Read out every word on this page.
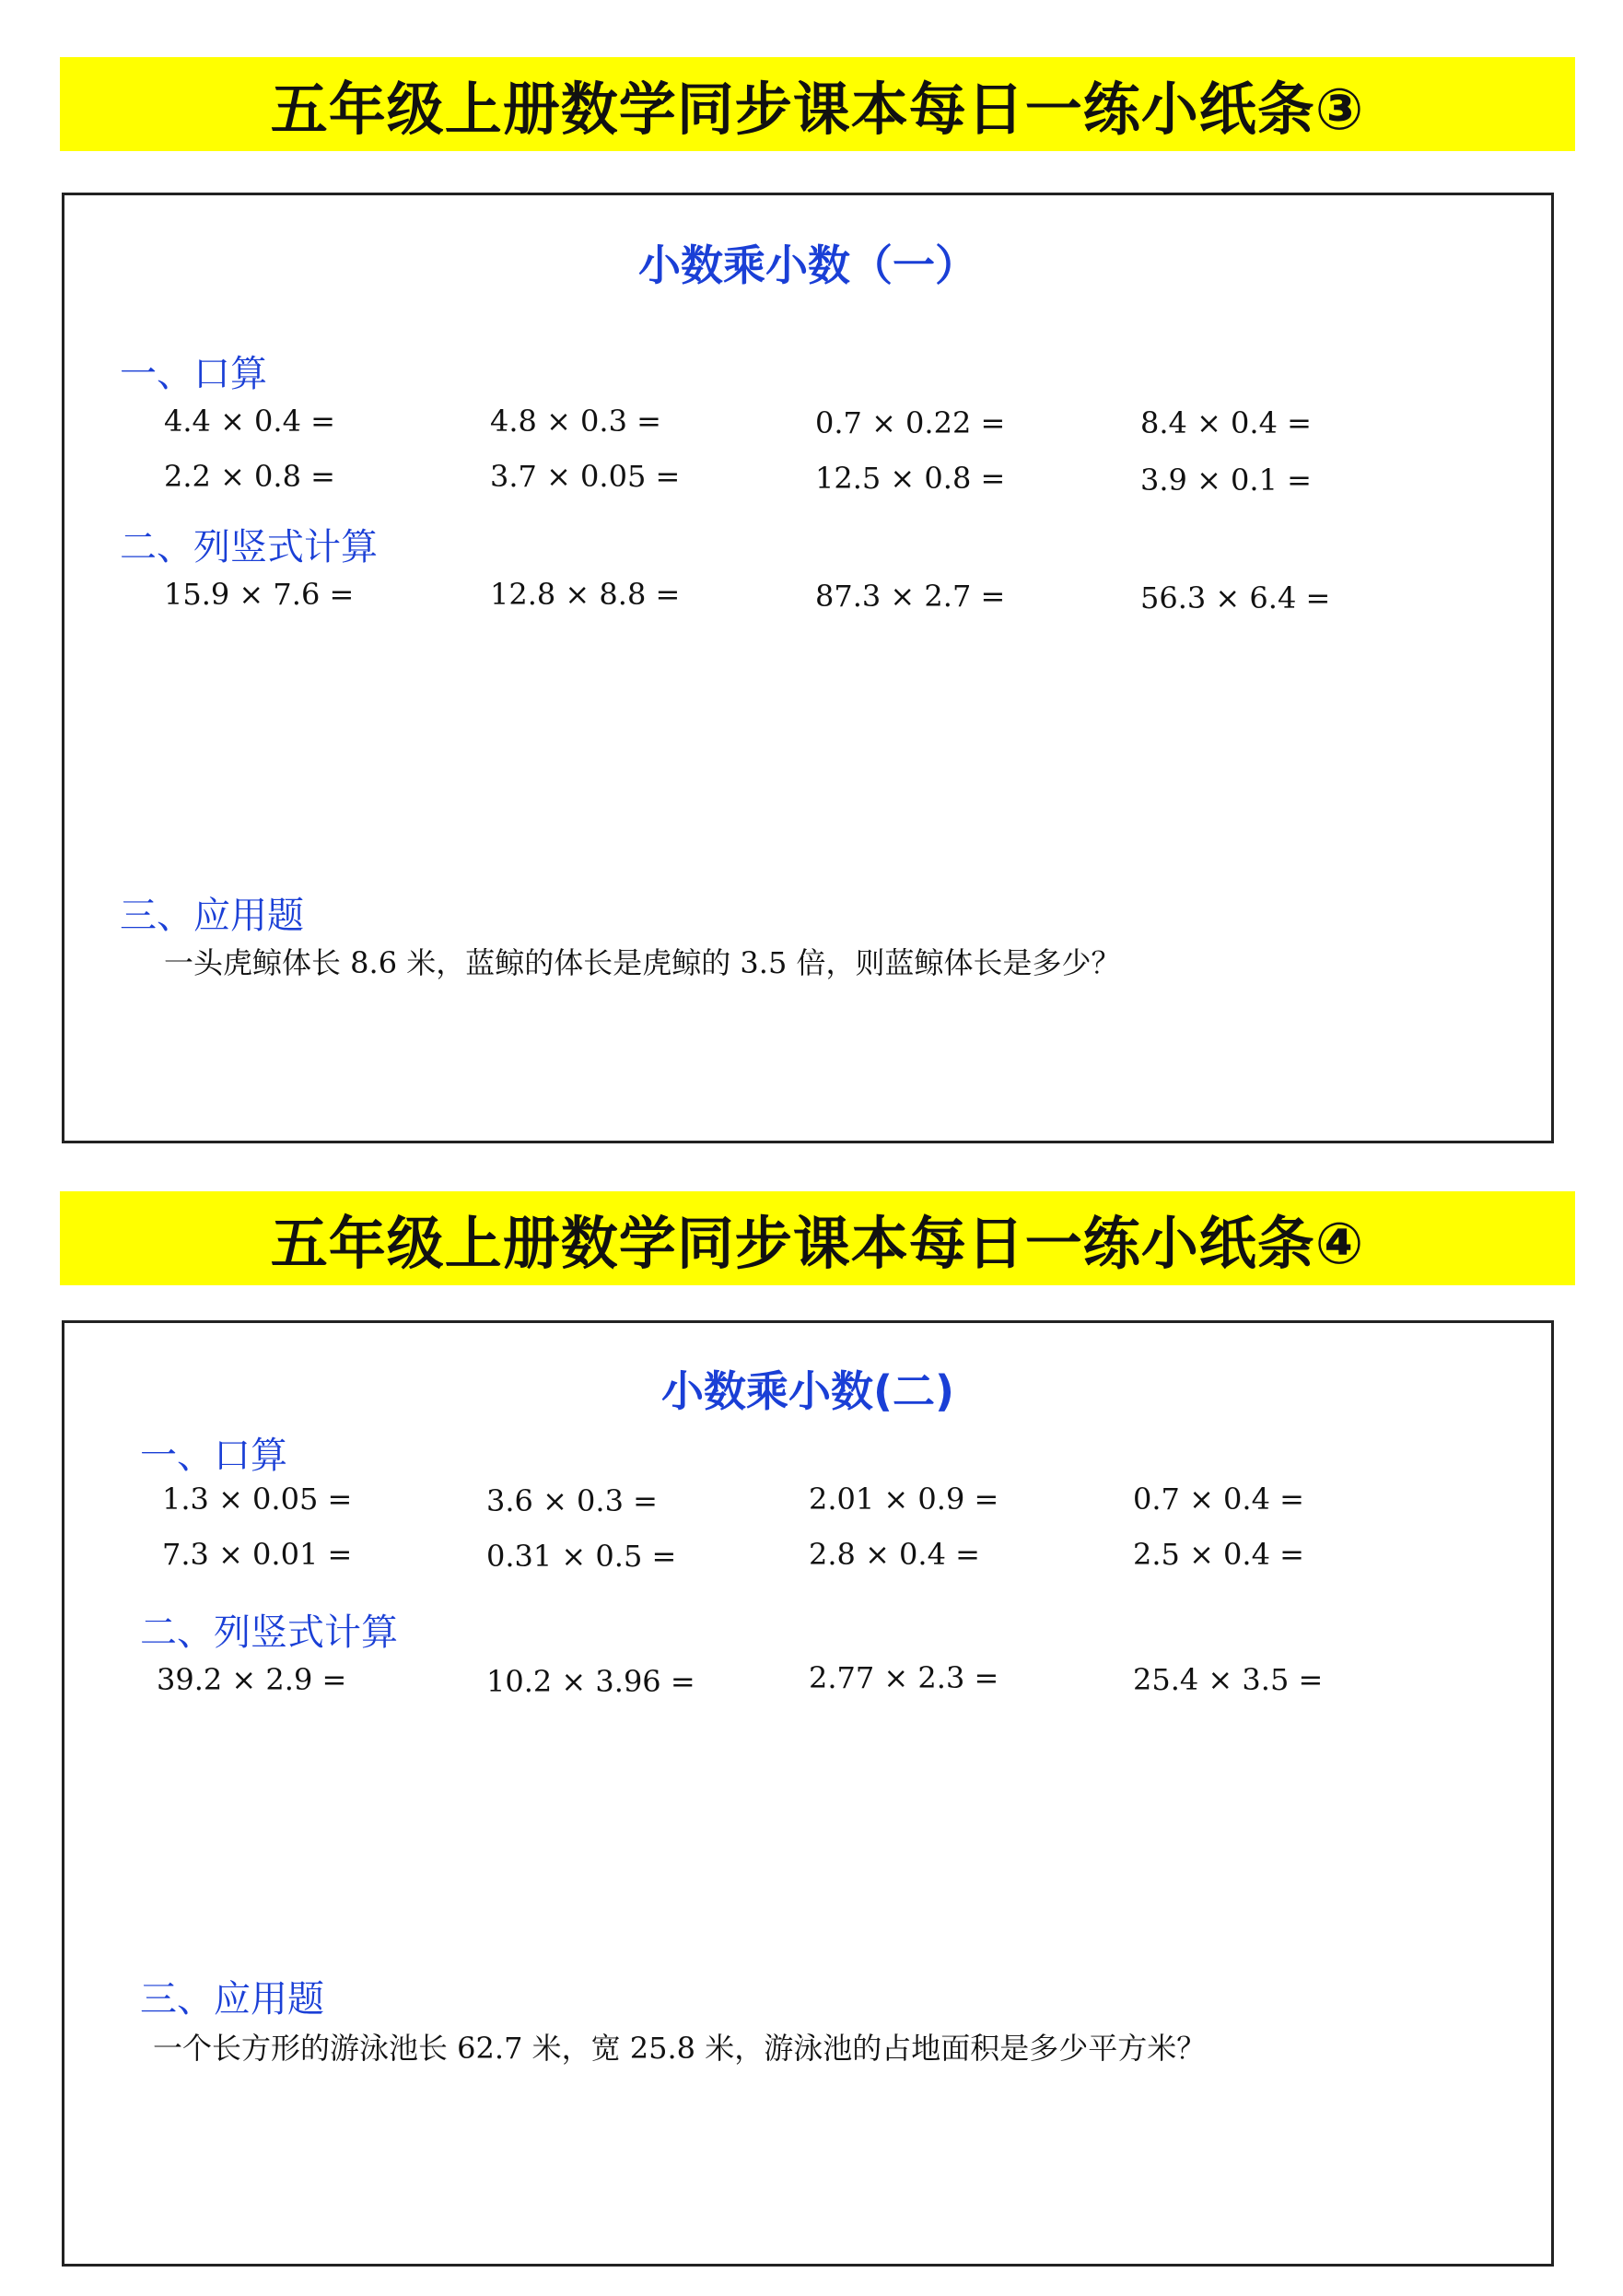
五年级上册数学同步课本每日一练小纸条③
小数乘小数（一）
一、口算
4.4 × 0.4 =	4.8 × 0.3 =	0.7 × 0.22 =	8.4 × 0.4 =
2.2 × 0.8 =	3.7 × 0.05 =	12.5 × 0.8 =	3.9 × 0.1 =
二、列竖式计算
15.9 × 7.6 =	12.8 × 8.8 =	87.3 × 2.7 =	56.3 × 6.4 =
三、应用题
一头虎鲸体长 8.6 米，蓝鲸的体长是虎鲸的 3.5 倍，则蓝鲸体长是多少？
五年级上册数学同步课本每日一练小纸条④
小数乘小数(二)
一、口算
1.3 × 0.05 =	3.6 × 0.3 =	2.01 × 0.9 =	0.7 × 0.4 =
7.3 × 0.01 =	0.31 × 0.5 =	2.8 × 0.4 =	2.5 × 0.4 =
二、列竖式计算
39.2 × 2.9 =	10.2 × 3.96 =	2.77 × 2.3 =	25.4 × 3.5 =
三、应用题
一个长方形的游泳池长 62.7 米，宽 25.8 米，游泳池的占地面积是多少平方米？
